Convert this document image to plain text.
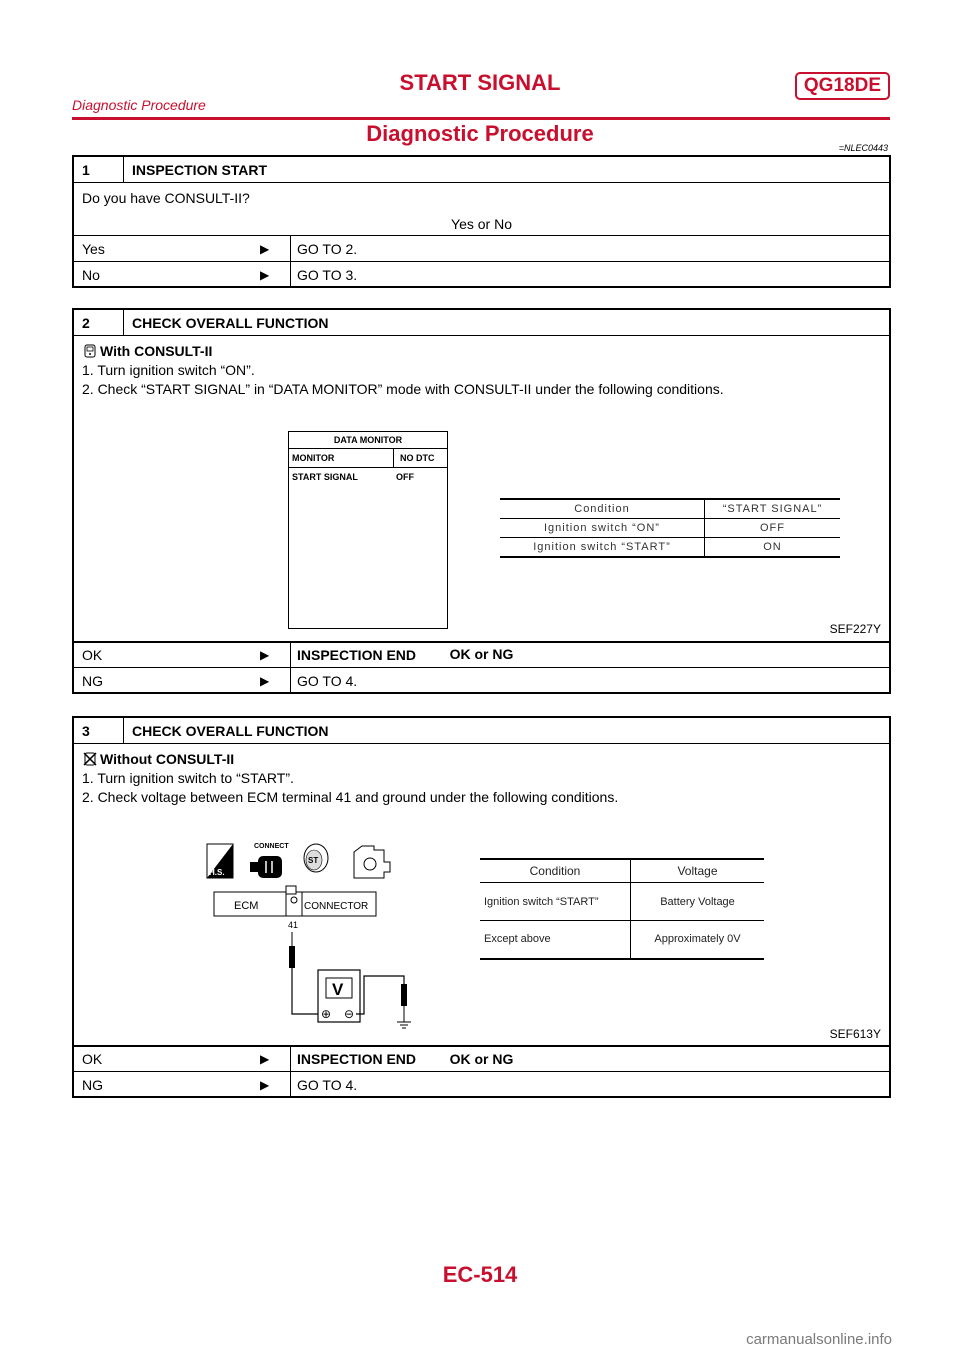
START SIGNAL	QG18DE
Diagnostic Procedure
Diagnostic Procedure
=NLEC0443
1	INSPECTION START
Do you have CONSULT-II?
Yes or No
Yes	▶	GO TO 2.
No	▶	GO TO 3.
2	CHECK OVERALL FUNCTION
With CONSULT-II
1. Turn ignition switch “ON”.
2. Check “START SIGNAL” in “DATA MONITOR” mode with CONSULT-II under the following conditions.
DATA MONITOR
MONITOR	NO DTC
START SIGNAL	OFF
Condition	“START SIGNAL”
Ignition switch “ON”	OFF
Ignition switch “START”	ON
SEF227Y
OK or NG
OK	▶	INSPECTION END
NG	▶	GO TO 4.
3	CHECK OVERALL FUNCTION
Without CONSULT-II
1. Turn ignition switch to “START”.
2. Check voltage between ECM terminal 41 and ground under the following conditions.
H.S.
CONNECT
ST
ECM	CONNECTOR
41
V
⊕ ⊖
Condition	Voltage
Ignition switch “START”	Battery Voltage
Except above	Approximately 0V
SEF613Y
OK or NG
OK	▶	INSPECTION END
NG	▶	GO TO 4.
EC-514
carmanualsonline.info
